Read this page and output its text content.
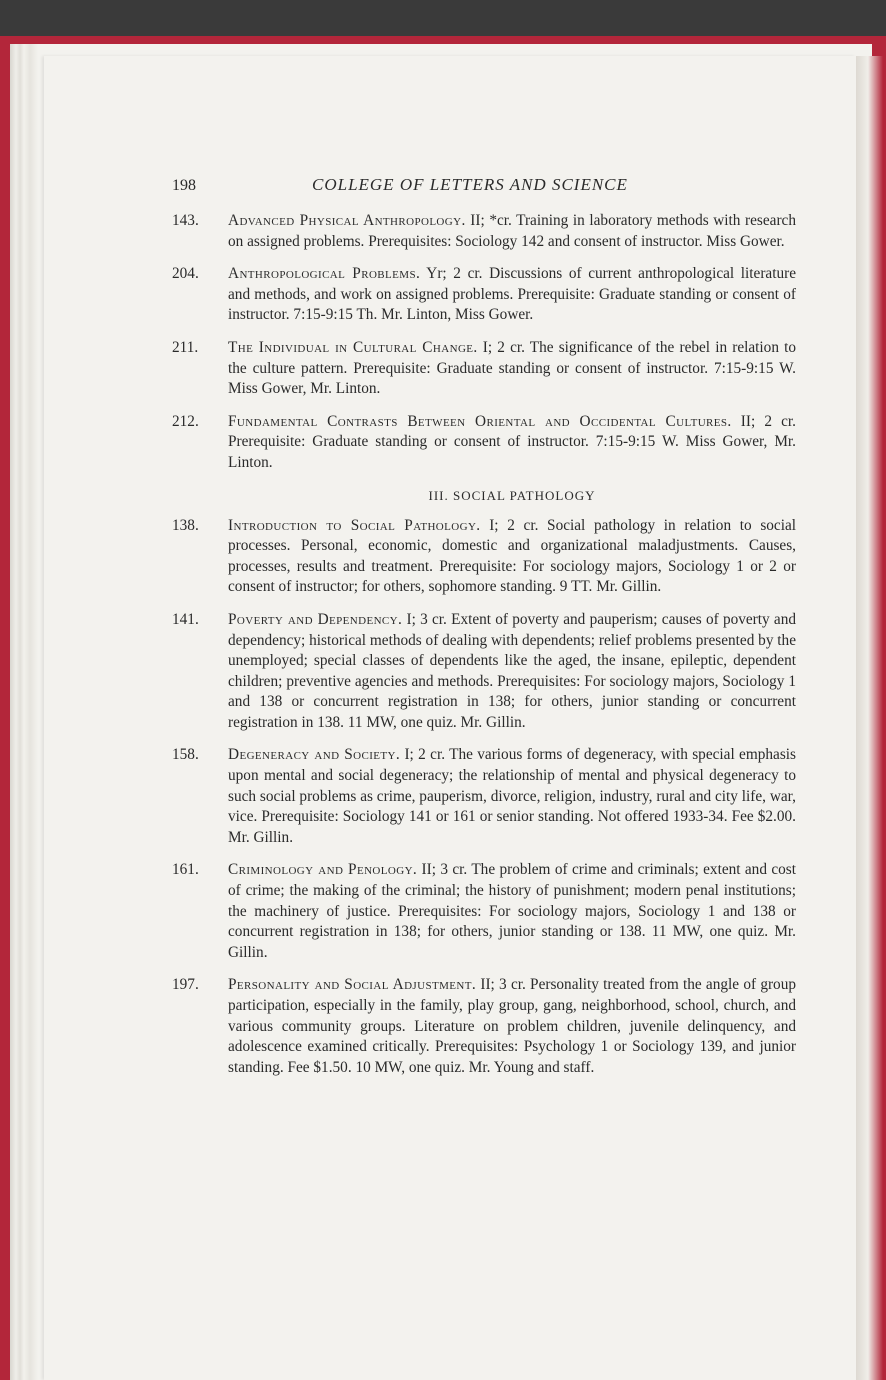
198	COLLEGE OF LETTERS AND SCIENCE
143.	Advanced Physical Anthropology. II; *cr. Training in laboratory methods with research on assigned problems. Prerequisites: Sociology 142 and consent of instructor. Miss Gower.
204.	Anthropological Problems. Yr; 2 cr. Discussions of current anthropological literature and methods, and work on assigned problems. Prerequisite: Graduate standing or consent of instructor. 7:15-9:15 Th. Mr. Linton, Miss Gower.
211.	The Individual in Cultural Change. I; 2 cr. The significance of the rebel in relation to the culture pattern. Prerequisite: Graduate standing or consent of instructor. 7:15-9:15 W. Miss Gower, Mr. Linton.
212.	Fundamental Contrasts Between Oriental and Occidental Cultures. II; 2 cr. Prerequisite: Graduate standing or consent of instructor. 7:15-9:15 W. Miss Gower, Mr. Linton.
III. SOCIAL PATHOLOGY
138.	Introduction to Social Pathology. I; 2 cr. Social pathology in relation to social processes. Personal, economic, domestic and organizational maladjustments. Causes, processes, results and treatment. Prerequisite: For sociology majors, Sociology 1 or 2 or consent of instructor; for others, sophomore standing. 9 TT. Mr. Gillin.
141.	Poverty and Dependency. I; 3 cr. Extent of poverty and pauperism; causes of poverty and dependency; historical methods of dealing with dependents; relief problems presented by the unemployed; special classes of dependents like the aged, the insane, epileptic, dependent children; preventive agencies and methods. Prerequisites: For sociology majors, Sociology 1 and 138 or concurrent registration in 138; for others, junior standing or concurrent registration in 138. 11 MW, one quiz. Mr. Gillin.
158.	Degeneracy and Society. I; 2 cr. The various forms of degeneracy, with special emphasis upon mental and social degeneracy; the relationship of mental and physical degeneracy to such social problems as crime, pauperism, divorce, religion, industry, rural and city life, war, vice. Prerequisite: Sociology 141 or 161 or senior standing. Not offered 1933-34. Fee $2.00. Mr. Gillin.
161.	Criminology and Penology. II; 3 cr. The problem of crime and criminals; extent and cost of crime; the making of the criminal; the history of punishment; modern penal institutions; the machinery of justice. Prerequisites: For sociology majors, Sociology 1 and 138 or concurrent registration in 138; for others, junior standing or 138. 11 MW, one quiz. Mr. Gillin.
197.	Personality and Social Adjustment. II; 3 cr. Personality treated from the angle of group participation, especially in the family, play group, gang, neighborhood, school, church, and various community groups. Literature on problem children, juvenile delinquency, and adolescence examined critically. Prerequisites: Psychology 1 or Sociology 139, and junior standing. Fee $1.50. 10 MW, one quiz. Mr. Young and staff.
